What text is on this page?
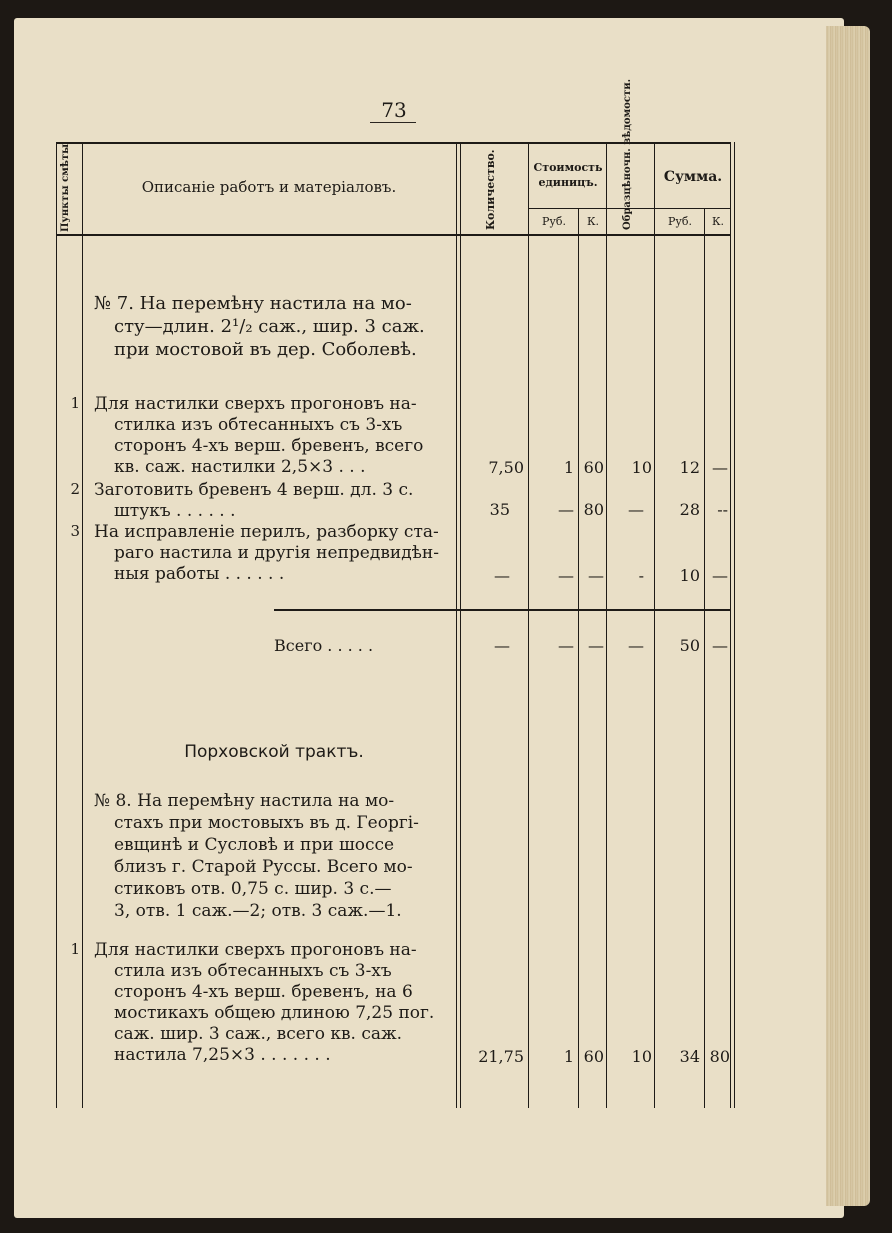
73
Пункты смѣты	Описаніе работъ и матеріаловъ.	Количество.	Стоимость единицъ.	Образцѣночн. вѣдомости.	Сумма.
Руб.	К.	Руб.	К.
№ 7. На перемѣну настила на мо-
сту—длин. 2¹/₂ саж., шир. 3 саж.
при мостовой въ дер. Соболевѣ.
1 Для настилки сверхъ прогоновъ на-
стилка изъ обтесанныхъ съ 3-хъ
сторонъ 4-хъ верш. бревенъ, всего
кв. саж. настилки 2,5×3 . . .	7,50	1 60	10	12 —
2 Заготовить бревенъ 4 верш. дл. 3 с.
штукъ . . . . . .	35	— 80	—	28	--
3 На исправленіе перилъ, разборку ста-
раго настила и другія непредвидѣн-
ныя работы . . . . . .	—	— —	-	10 —
Всего . . . . .	—	— —	—	50 —
Порховской трактъ.
№ 8. На перемѣну настила на мо-
стахъ при мостовыхъ въ д. Георгі-
евщинѣ и Сусловѣ и при шоссе
близъ г. Старой Руссы. Всего мо-
стиковъ отв. 0,75 с. шир. 3 с.—
3, отв. 1 саж.—2; отв. 3 саж.—1.
1 Для настилки сверхъ прогоновъ на-
стила изъ обтесанныхъ съ 3-хъ
сторонъ 4-хъ верш. бревенъ, на 6
мостикахъ общею длиною 7,25 пог.
саж. шир. 3 саж., всего кв. саж.
настила 7,25×3 . . . . . . .	21,75	1 60	10	34 80
